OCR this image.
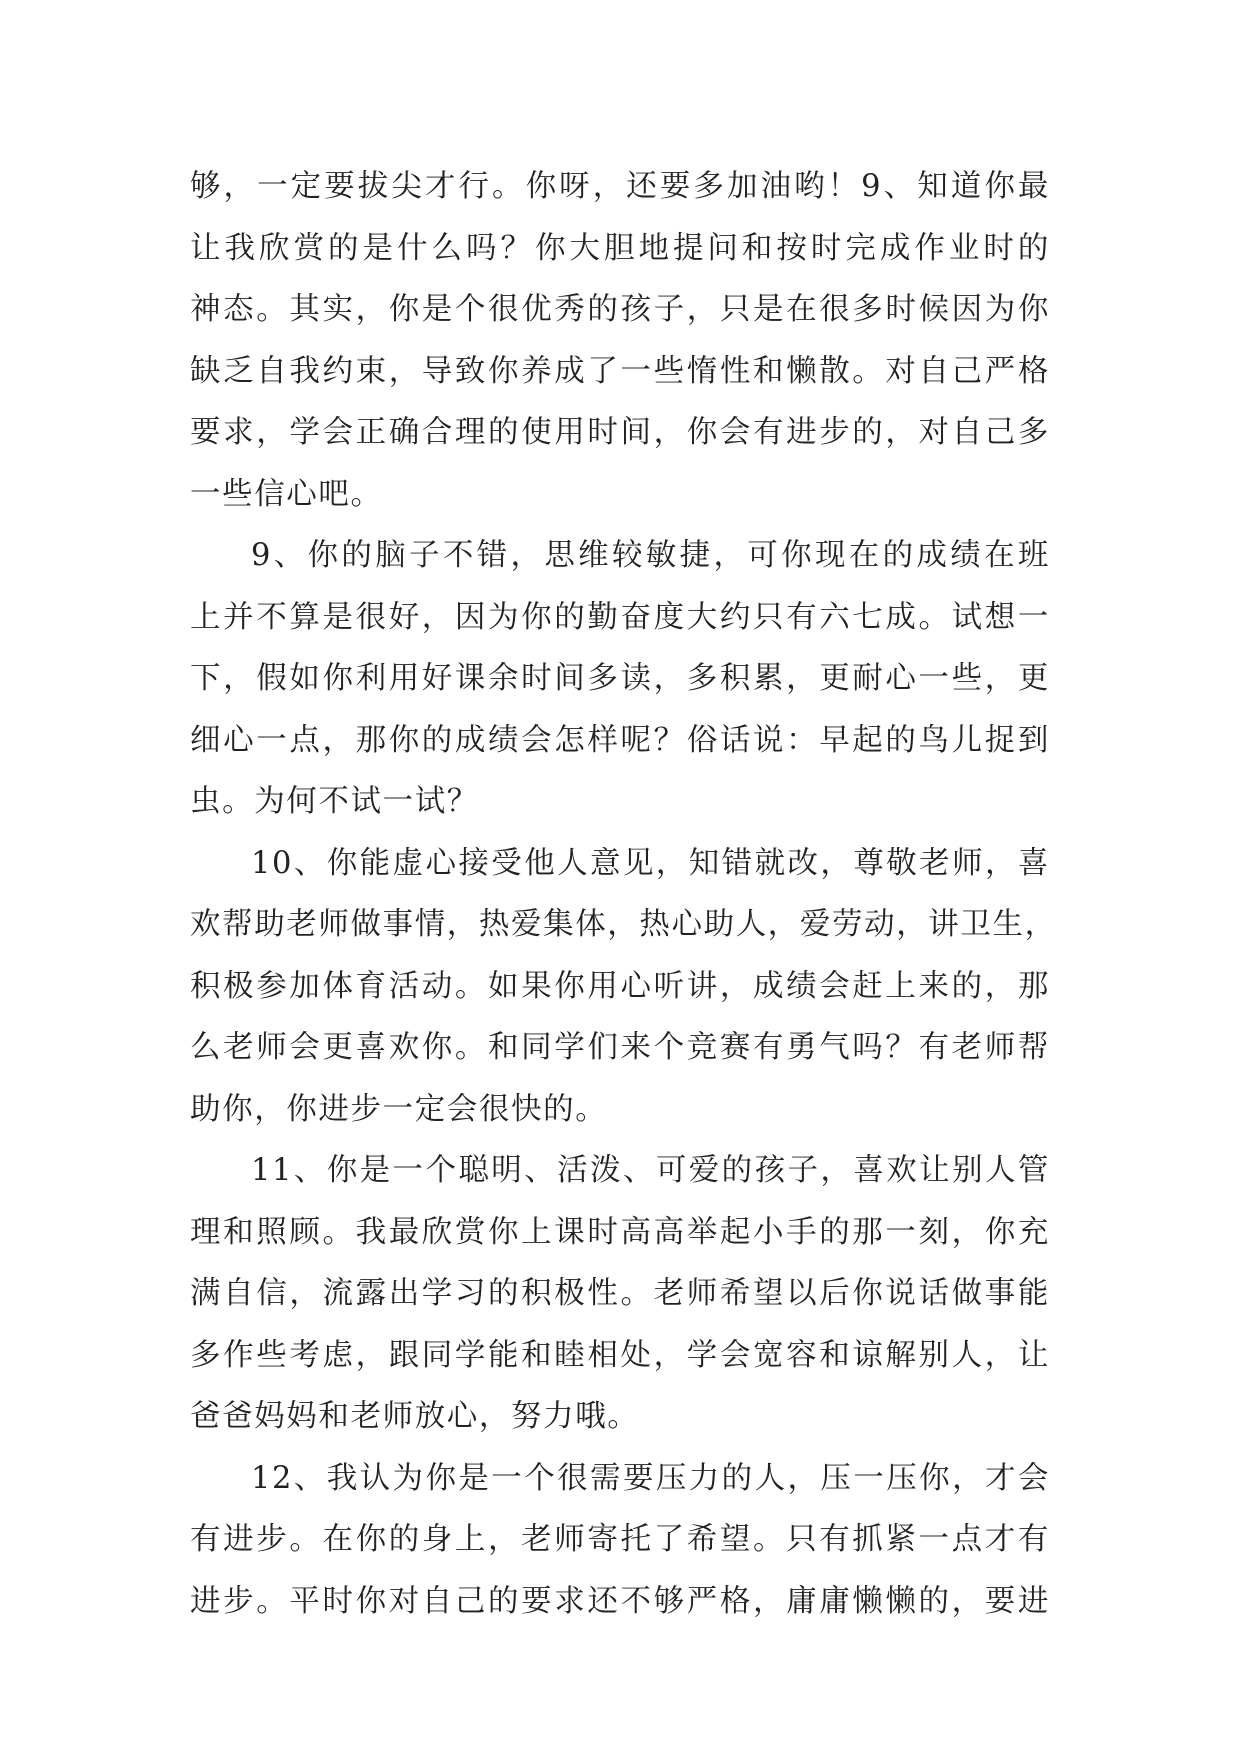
够，一定要拔尖才行。你呀，还要多加油哟！9、知道你最
让我欣赏的是什么吗？你大胆地提问和按时完成作业时的
神态。其实，你是个很优秀的孩子，只是在很多时候因为你
缺乏自我约束，导致你养成了一些惰性和懒散。对自己严格
要求，学会正确合理的使用时间，你会有进步的，对自己多
一些信心吧。
9、你的脑子不错，思维较敏捷，可你现在的成绩在班
上并不算是很好，因为你的勤奋度大约只有六七成。试想一
下，假如你利用好课余时间多读，多积累，更耐心一些，更
细心一点，那你的成绩会怎样呢？俗话说：早起的鸟儿捉到
虫。为何不试一试？
10、你能虚心接受他人意见，知错就改，尊敬老师，喜
欢帮助老师做事情，热爱集体，热心助人，爱劳动，讲卫生，
积极参加体育活动。如果你用心听讲，成绩会赶上来的，那
么老师会更喜欢你。和同学们来个竞赛有勇气吗？有老师帮
助你，你进步一定会很快的。
11、你是一个聪明、活泼、可爱的孩子，喜欢让别人管
理和照顾。我最欣赏你上课时高高举起小手的那一刻，你充
满自信，流露出学习的积极性。老师希望以后你说话做事能
多作些考虑，跟同学能和睦相处，学会宽容和谅解别人，让
爸爸妈妈和老师放心，努力哦。
12、我认为你是一个很需要压力的人，压一压你，才会
有进步。在你的身上，老师寄托了希望。只有抓紧一点才有
进步。平时你对自己的要求还不够严格，庸庸懒懒的，要进
